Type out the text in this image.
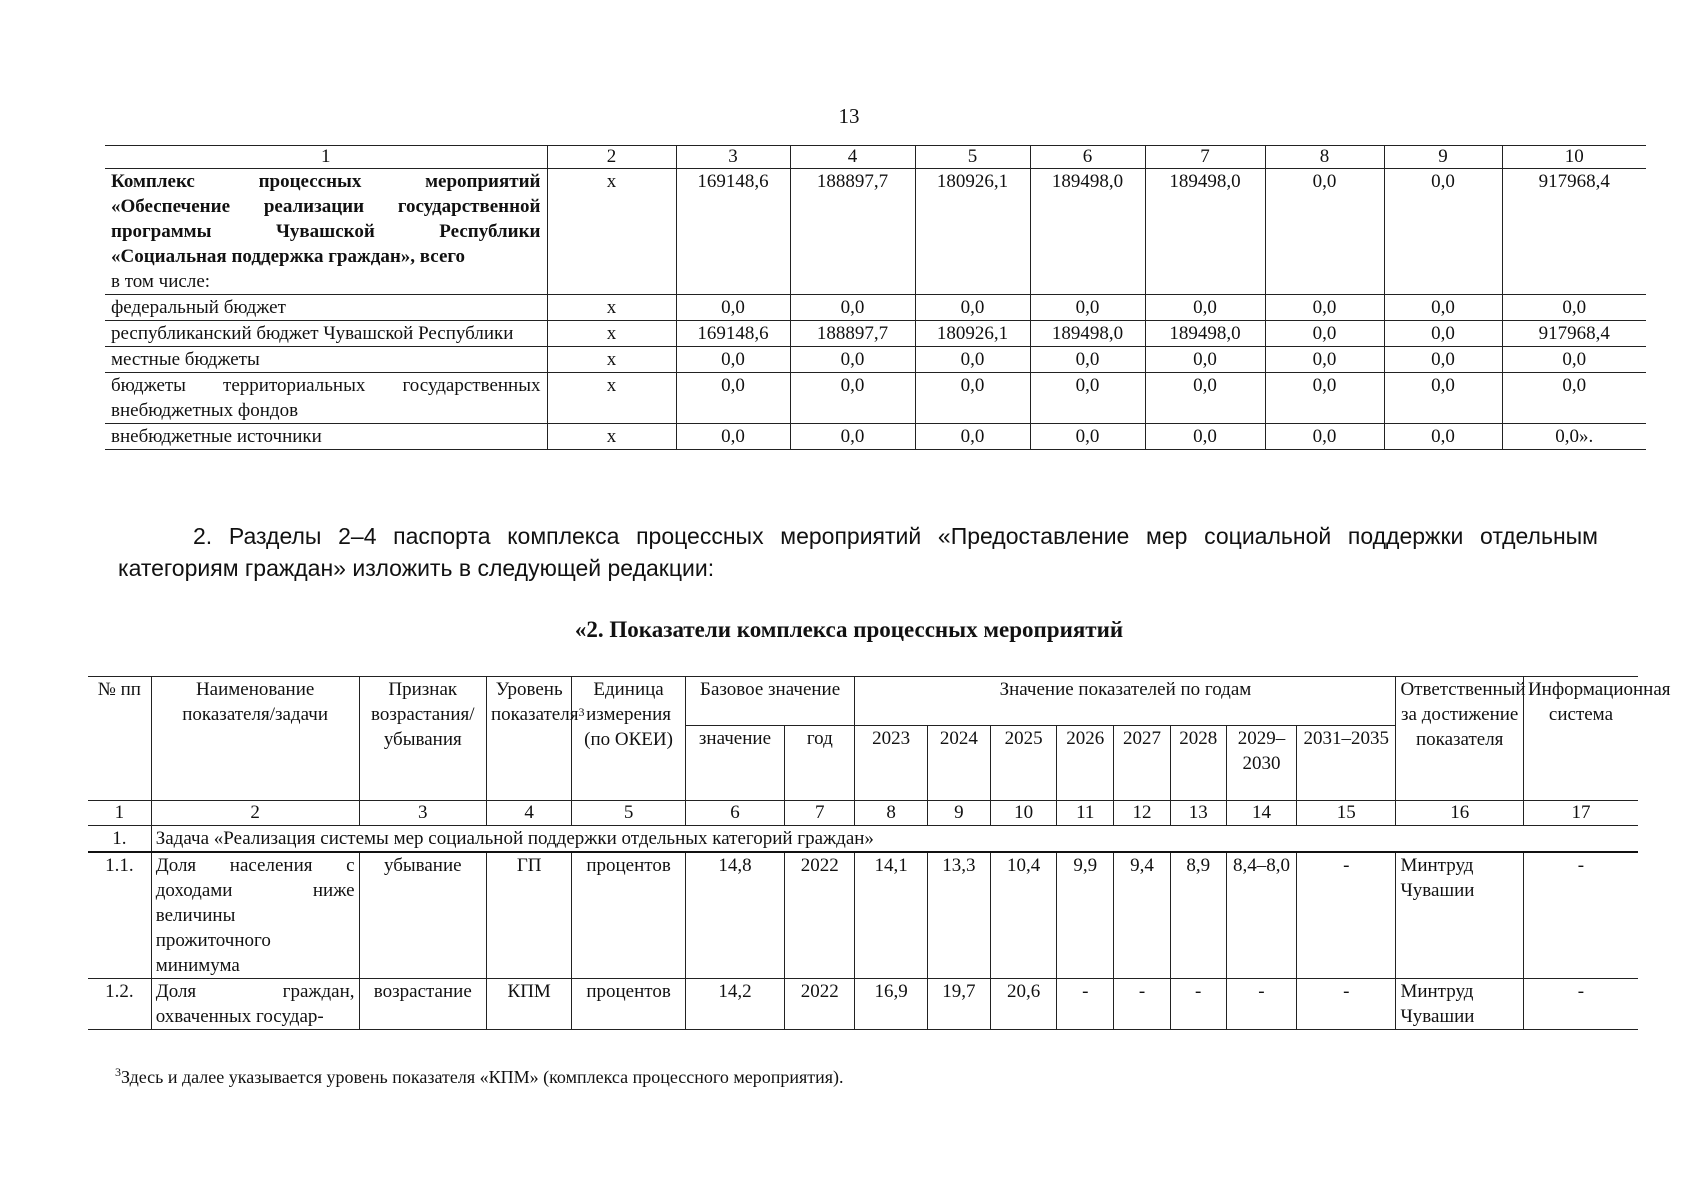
13
1	2	3	4	5	6	7	8	9	10

Комплекс процессных мероприятий «Обеспечение реализации государственной программы Чувашской Республики «Социальная поддержка граждан», всего
в том числе:	x	169148,6	188897,7	180926,1	189498,0	189498,0	0,0	0,0	917968,4
федеральный бюджет	x	0,0	0,0	0,0	0,0	0,0	0,0	0,0	0,0
республиканский бюджет Чувашской Республики	x	169148,6	188897,7	180926,1	189498,0	189498,0	0,0	0,0	917968,4
местные бюджеты	x	0,0	0,0	0,0	0,0	0,0	0,0	0,0	0,0
бюджеты территориальных государственных внебюджетных фондов	x	0,0	0,0	0,0	0,0	0,0	0,0	0,0	0,0
внебюджетные источники	x	0,0	0,0	0,0	0,0	0,0	0,0	0,0	0,0».
2. Разделы 2–4 паспорта комплекса процессных мероприятий «Предоставление мер социальной поддержки отдельным категориям граждан» изложить в следующей редакции:
«2. Показатели комплекса процессных мероприятий
№ пп	Наименование показателя/задачи	Признак возрастания/убывания	Уровень показателя$^3$	Единица измерения (по ОКЕИ)	Базовое значение		Значение показателей по годам								Ответственный за достижение показателя	Информационная система
					значение	год	2023	2024	2025	2026	2027	2028	2029–2030	2031–2035		
1	2	3	4	5	6	7	8	9	10	11	12	13	14	15	16	17
1.	Задача «Реализация системы мер социальной поддержки отдельных категорий граждан»															
1.1.	Доля населения с доходами ниже величины прожиточного минимума	убывание	ГП	процентов	14,8	2022	14,1	13,3	10,4	9,9	9,4	8,9	8,4–8,0	-	Минтруд Чувашии	-
1.2.	Доля граждан, охваченных государ-	возрастание	КПМ	процентов	14,2	2022	16,9	19,7	20,6	-	-	-	-	-	Минтруд Чувашии	-
$^3$Здесь и далее указывается уровень показателя «КПМ» (комплекса процессного мероприятия).
